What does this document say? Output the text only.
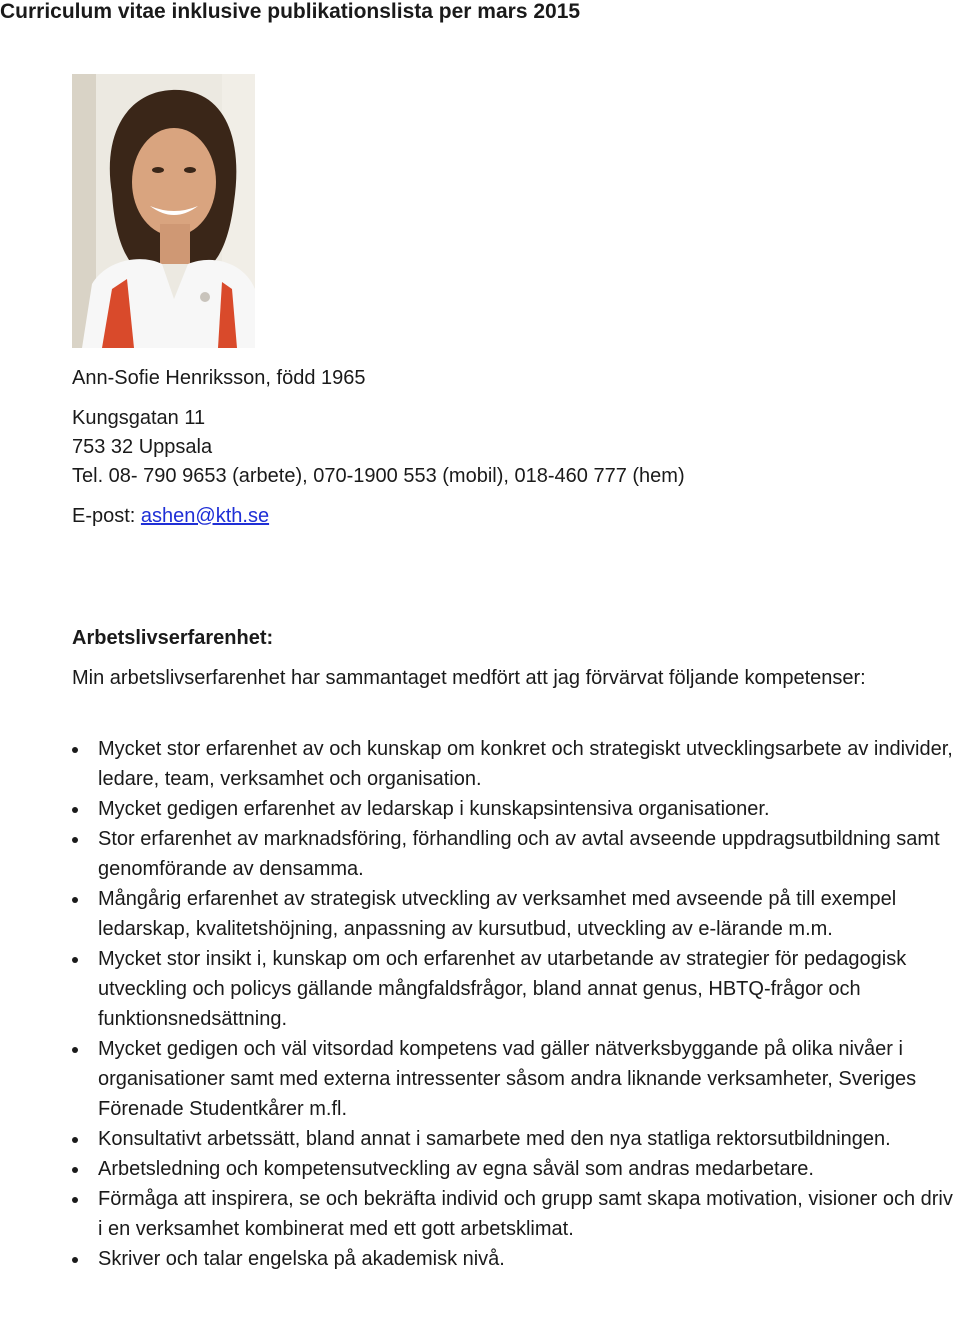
Curriculum vitae inklusive publikationslista per mars 2015
Ann-Sofie Henriksson, född 1965
Kungsgatan 11
753 32 Uppsala
Tel. 08- 790 9653 (arbete), 070-1900 553 (mobil), 018-460 777 (hem)
E-post: ashen@kth.se
Arbetslivserfarenhet:
Min arbetslivserfarenhet har sammantaget medfört att jag förvärvat följande kompetenser:
Mycket stor erfarenhet av och kunskap om konkret och strategiskt utvecklingsarbete av individer, ledare, team, verksamhet och organisation.
Mycket gedigen erfarenhet av ledarskap i kunskapsintensiva organisationer.
Stor erfarenhet av marknadsföring, förhandling och av avtal avseende uppdragsutbildning samt genomförande av densamma.
Mångårig erfarenhet av strategisk utveckling av verksamhet med avseende på till exempel ledarskap, kvalitetshöjning, anpassning av kursutbud, utveckling av e-lärande m.m.
Mycket stor insikt i, kunskap om och erfarenhet av utarbetande av strategier för pedagogisk utveckling och policys gällande mångfaldsfrågor, bland annat genus, HBTQ-frågor och funktionsnedsättning.
Mycket gedigen och väl vitsordad kompetens vad gäller nätverksbyggande på olika nivåer i organisationer samt med externa intressenter såsom andra liknande verksamheter, Sveriges Förenade Studentkårer m.fl.
Konsultativt arbetssätt, bland annat i samarbete med den nya statliga rektorsutbildningen.
Arbetsledning och kompetensutveckling av egna såväl som andras medarbetare.
Förmåga att inspirera, se och bekräfta individ och grupp samt skapa motivation, visioner och driv i en verksamhet kombinerat med ett gott arbetsklimat.
Skriver och talar engelska på akademisk nivå.
